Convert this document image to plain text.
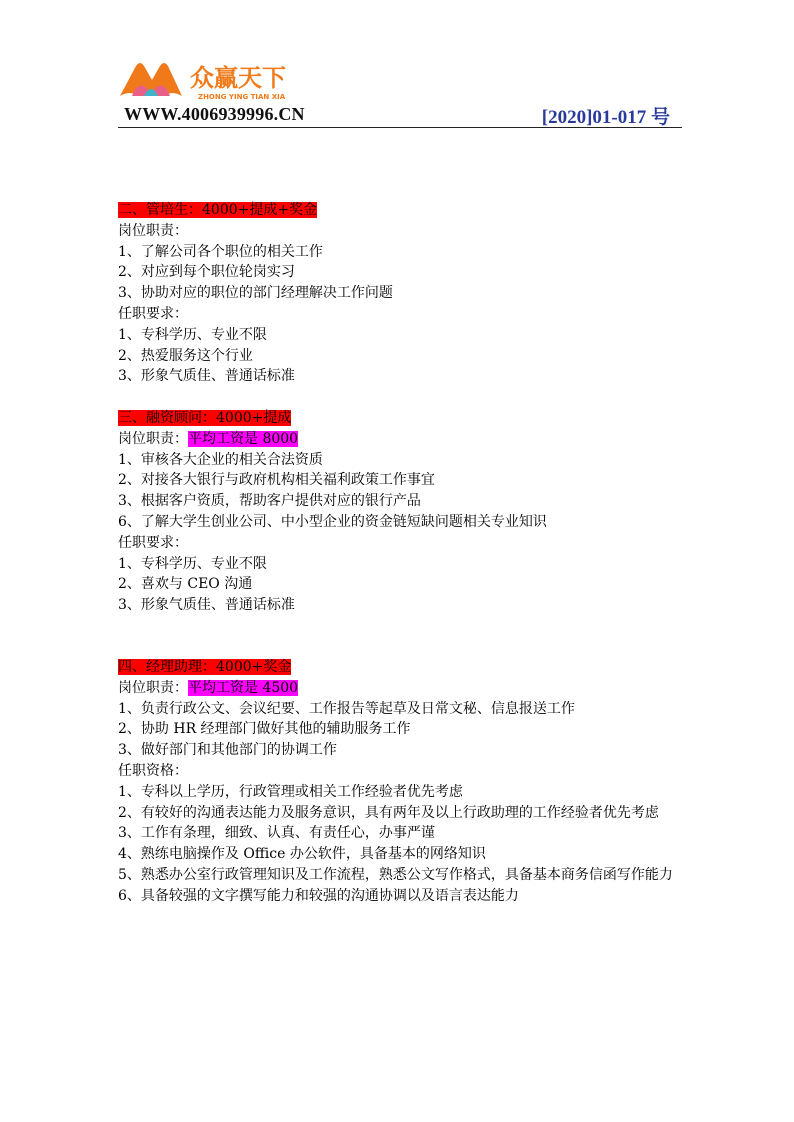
众赢天下
ZHONG YING TIAN XIA
WWW.4006939996.CN	[2020]01-017 号
二、管培生：4000+提成+奖金
岗位职责：
1、了解公司各个职位的相关工作
2、对应到每个职位轮岗实习
3、协助对应的职位的部门经理解决工作问题
任职要求：
1、专科学历、专业不限
2、热爱服务这个行业
3、形象气质佳、普通话标准
三、融资顾问：4000+提成
岗位职责：平均工资是 8000
1、审核各大企业的相关合法资质
2、对接各大银行与政府机构相关福利政策工作事宜
3、根据客户资质，帮助客户提供对应的银行产品
6、了解大学生创业公司、中小型企业的资金链短缺问题相关专业知识
任职要求：
1、专科学历、专业不限
2、喜欢与 CEO 沟通
3、形象气质佳、普通话标准
四、经理助理：4000+奖金
岗位职责：平均工资是 4500
1、负责行政公文、会议纪要、工作报告等起草及日常文秘、信息报送工作
2、协助 HR 经理部门做好其他的辅助服务工作
3、做好部门和其他部门的协调工作
任职资格：
1、专科以上学历，行政管理或相关工作经验者优先考虑
2、有较好的沟通表达能力及服务意识，具有两年及以上行政助理的工作经验者优先考虑
3、工作有条理，细致、认真、有责任心，办事严谨
4、熟练电脑操作及 Office 办公软件，具备基本的网络知识
5、熟悉办公室行政管理知识及工作流程，熟悉公文写作格式，具备基本商务信函写作能力
6、具备较强的文字撰写能力和较强的沟通协调以及语言表达能力
